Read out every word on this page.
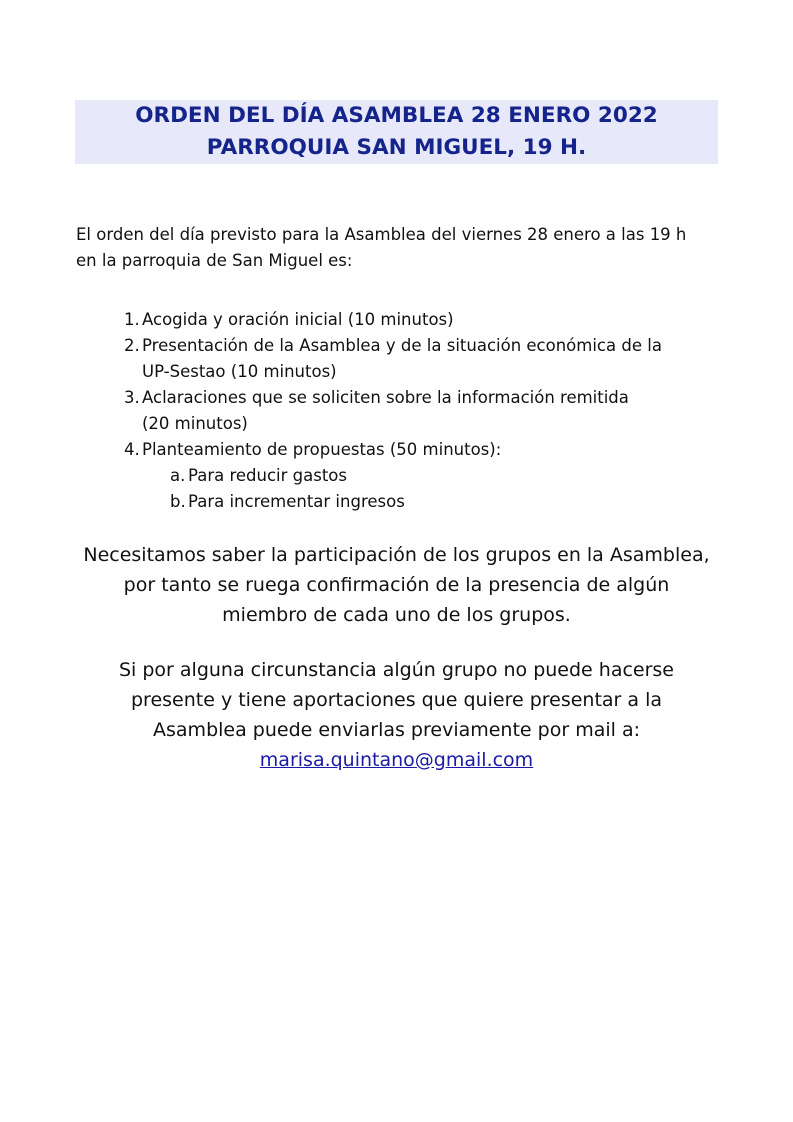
ORDEN DEL DÍA ASAMBLEA 28 ENERO 2022

PARROQUIA SAN MIGUEL, 19 H.

El orden del día previsto para la Asamblea del viernes 28 enero a las 19 h
en la parroquia de San Miguel es:
1. Acogida y oración inicial (10 minutos)
2. Presentación de la Asamblea y de la situación económica de la
UP-Sestao (10 minutos)
3. Aclaraciones que se soliciten sobre la información remitida
(20 minutos)
4. Planteamiento de propuestas (50 minutos):
a. Para reducir gastos
b. Para incrementar ingresos
Necesitamos saber la participación de los grupos en la Asamblea,
por tanto se ruega confirmación de la presencia de algún
miembro de cada uno de los grupos.
Si por alguna circunstancia algún grupo no puede hacerse
presente y tiene aportaciones que quiere presentar a la
Asamblea puede enviarlas previamente por mail a:
marisa.quintano@gmail.com
